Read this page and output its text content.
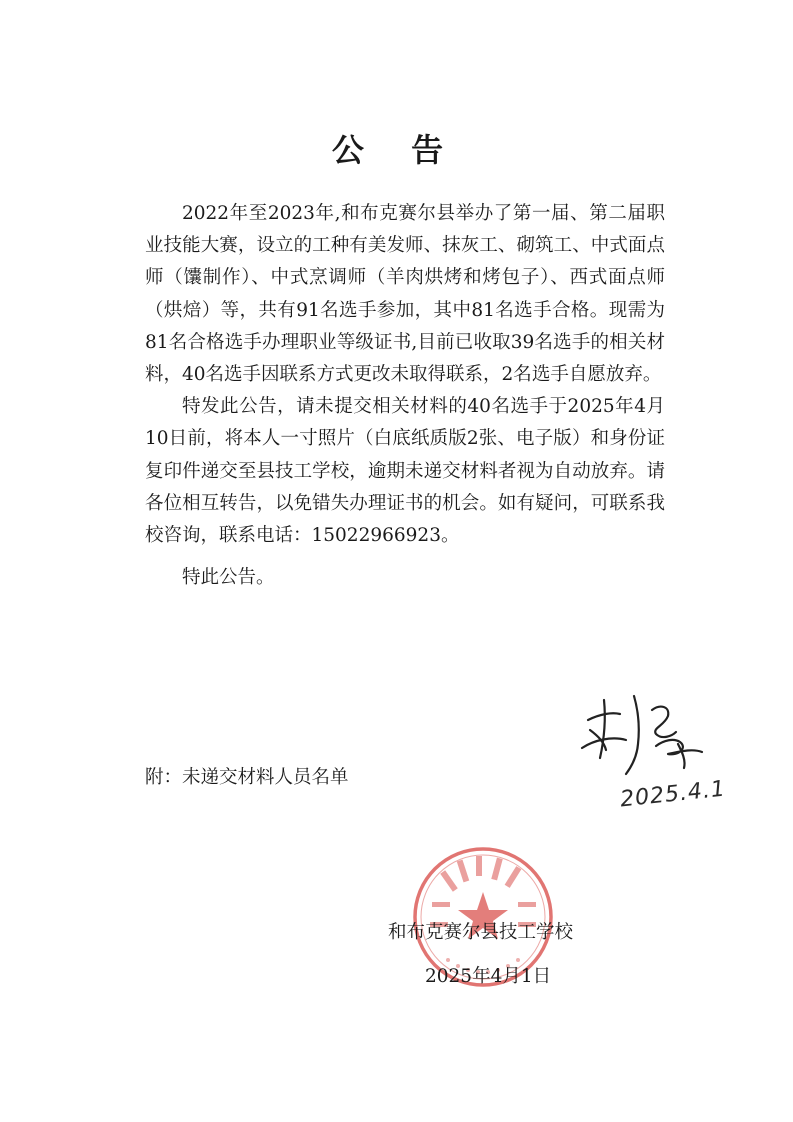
公 告

2022年至2023年,和布克赛尔县举办了第一届、第二届职业技能大赛，设立的工种有美发师、抹灰工、砌筑工、中式面点师（馕制作）、中式烹调师（羊肉烘烤和烤包子）、西式面点师（烘焙）等，共有91名选手参加，其中81名选手合格。现需为81名合格选手办理职业等级证书,目前已收取39名选手的相关材料，40名选手因联系方式更改未取得联系，2名选手自愿放弃。

特发此公告，请未提交相关材料的40名选手于2025年4月10日前，将本人一寸照片（白底纸质版2张、电子版）和身份证复印件递交至县技工学校，逾期未递交材料者视为自动放弃。请各位相互转告，以免错失办理证书的机会。如有疑问，可联系我校咨询，联系电话：15022966923。

特此公告。

附：未递交材料人员名单	2025.4.1
和布克赛尔县技工学校
2025年4月1日
